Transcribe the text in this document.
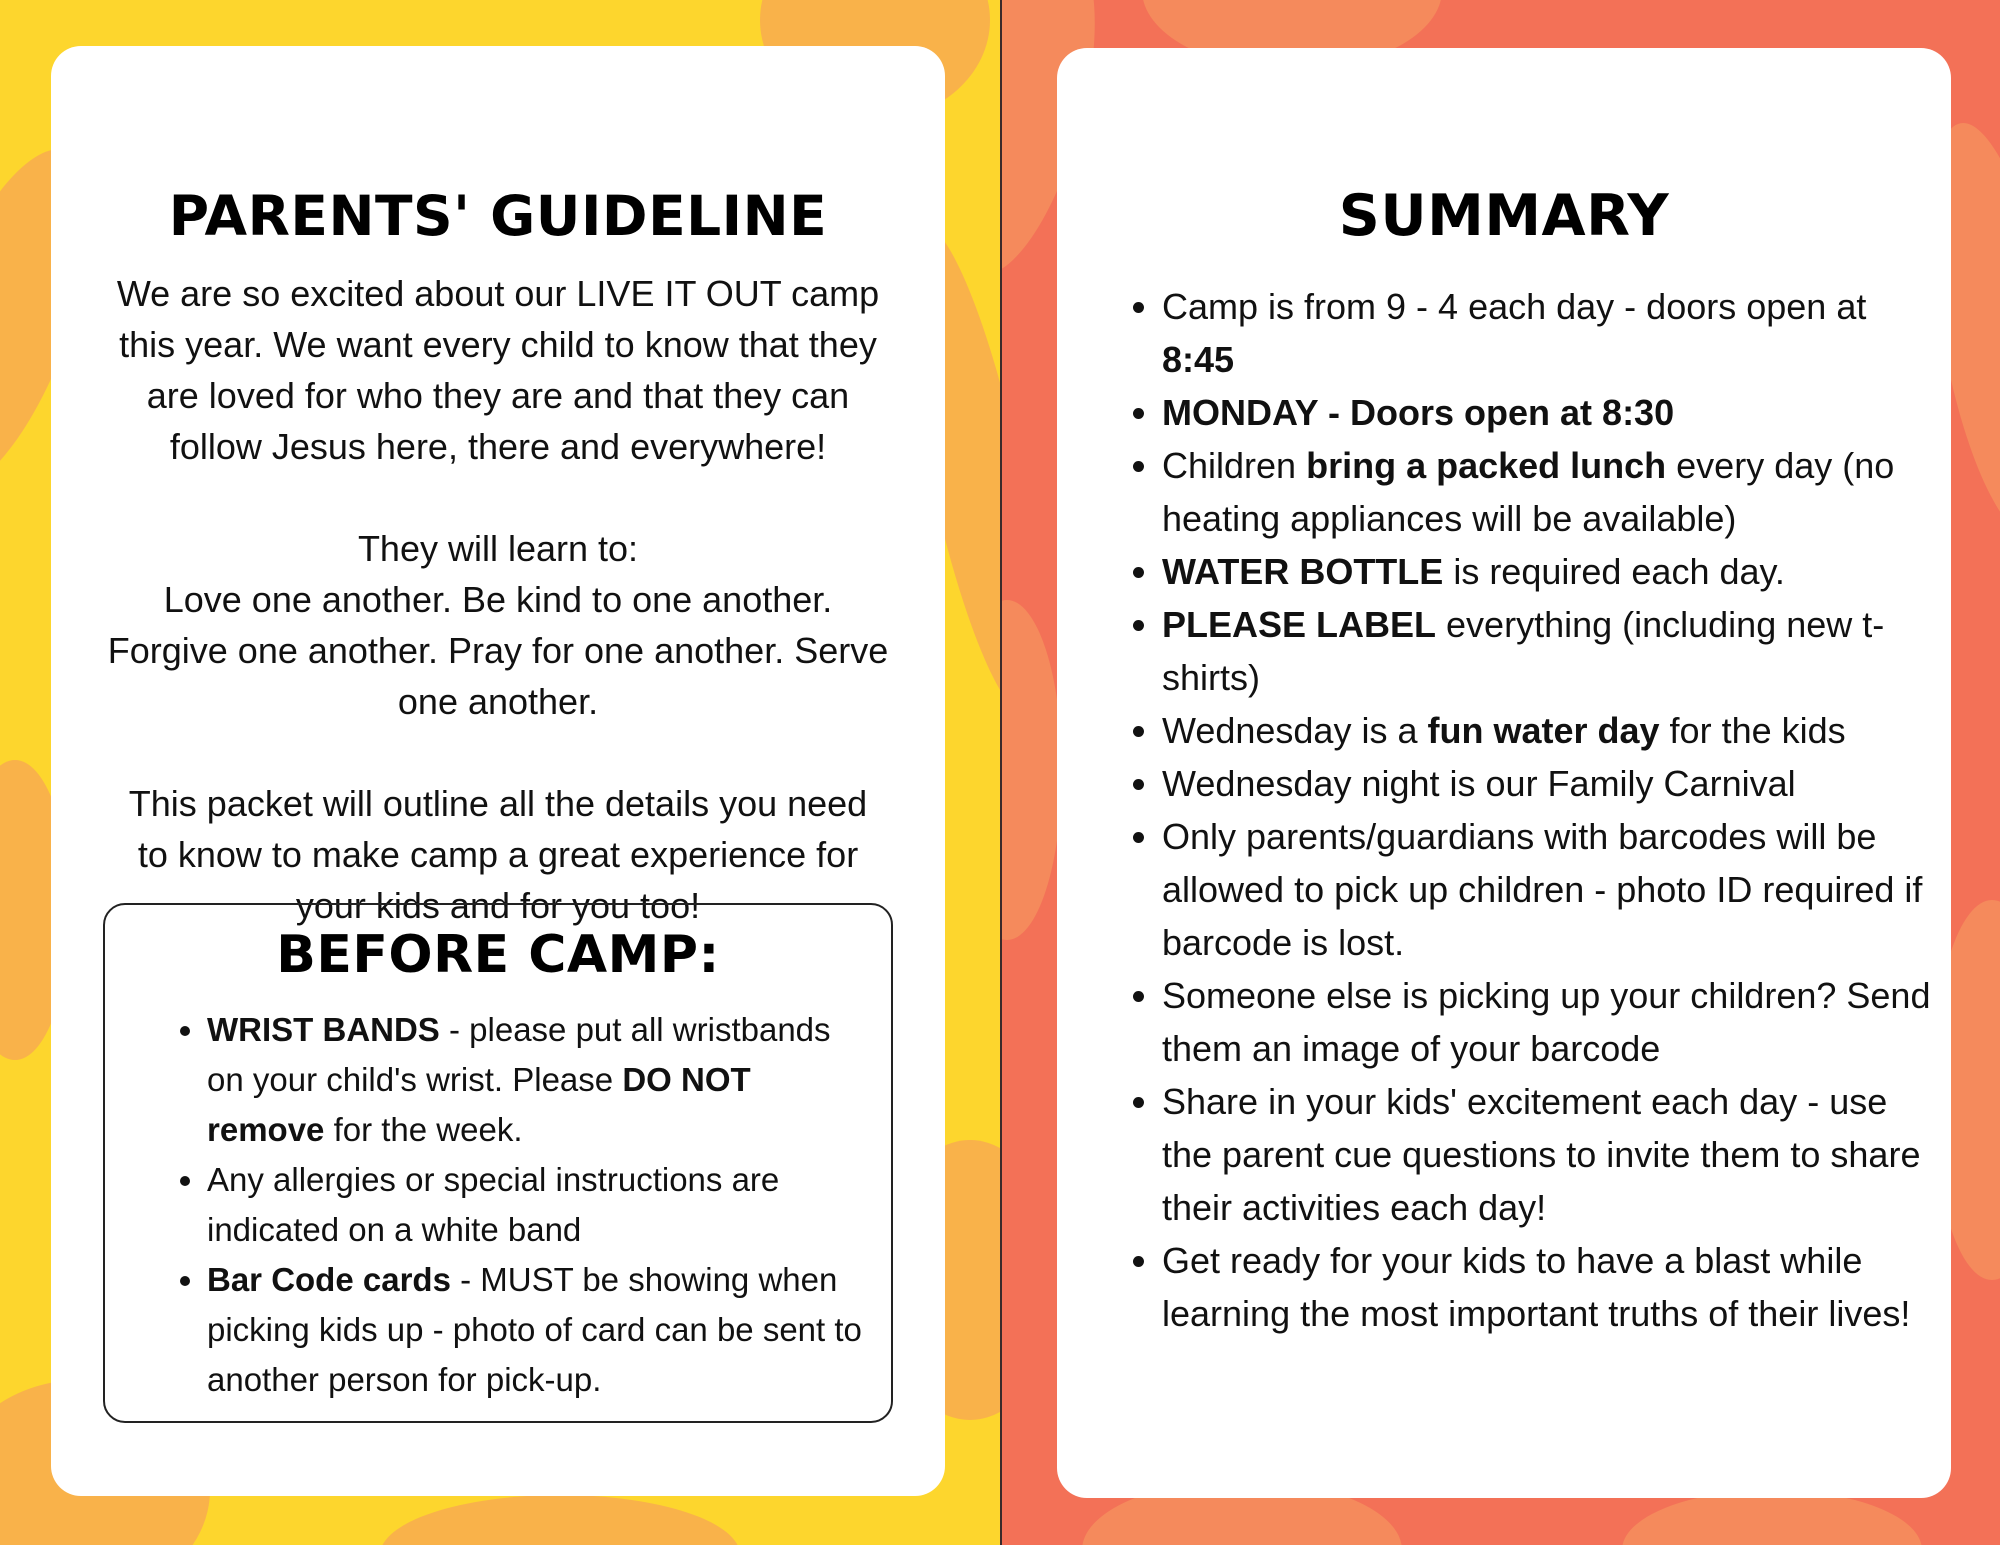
PARENTS' GUIDELINE

We are so excited about our LIVE IT OUT camp
this year. We want every child to know that they
are loved for who they are and that they can
follow Jesus here, there and everywhere!

They will learn to:
Love one another. Be kind to one another.
Forgive one another. Pray for one another. Serve
one another.

This packet will outline all the details you need
to know to make camp a great experience for
your kids and for you too!

BEFORE CAMP:
• WRIST BANDS - please put all wristbands on your child's wrist. Please DO NOT remove for the week.
• Any allergies or special instructions are indicated on a white band
• Bar Code cards - MUST be showing when picking kids up - photo of card can be sent to another person for pick-up.
SUMMARY
• Camp is from 9 - 4 each day - doors open at 8:45
• MONDAY - Doors open at 8:30
• Children bring a packed lunch every day (no heating appliances will be available)
• WATER BOTTLE is required each day.
• PLEASE LABEL everything (including new t-shirts)
• Wednesday is a fun water day for the kids
• Wednesday night is our Family Carnival
• Only parents/guardians with barcodes will be allowed to pick up children - photo ID required if barcode is lost.
• Someone else is picking up your children? Send them an image of your barcode
• Share in your kids' excitement each day - use the parent cue questions to invite them to share their activities each day!
• Get ready for your kids to have a blast while learning the most important truths of their lives!
